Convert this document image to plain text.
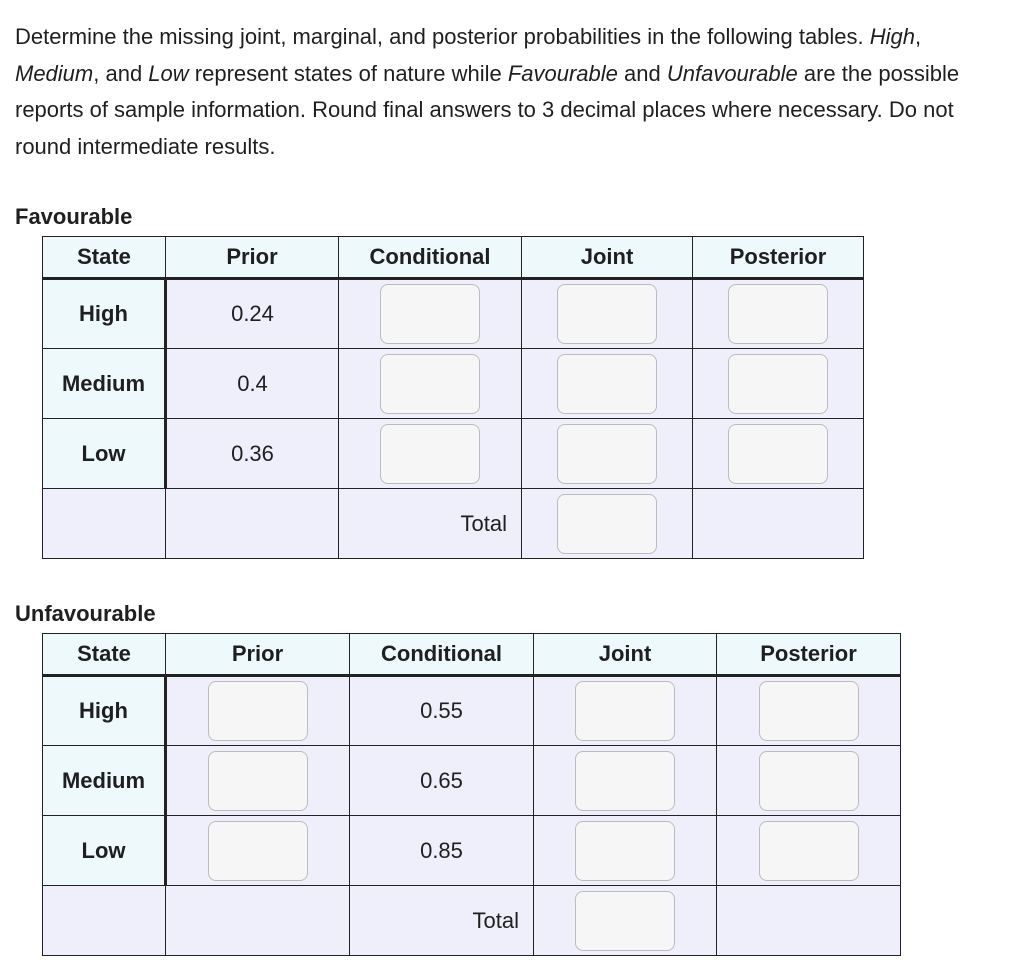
Determine the missing joint, marginal, and posterior probabilities in the following tables. High, Medium, and Low represent states of nature while Favourable and Unfavourable are the possible reports of sample information. Round final answers to 3 decimal places where necessary. Do not round intermediate results.

Favourable

State	Prior	Conditional	Joint	Posterior
High	0.24			
Medium	0.4			
Low	0.36			
		Total		

Unfavourable

State	Prior	Conditional	Joint	Posterior
High		0.55		
Medium		0.65		
Low		0.85		
		Total		
